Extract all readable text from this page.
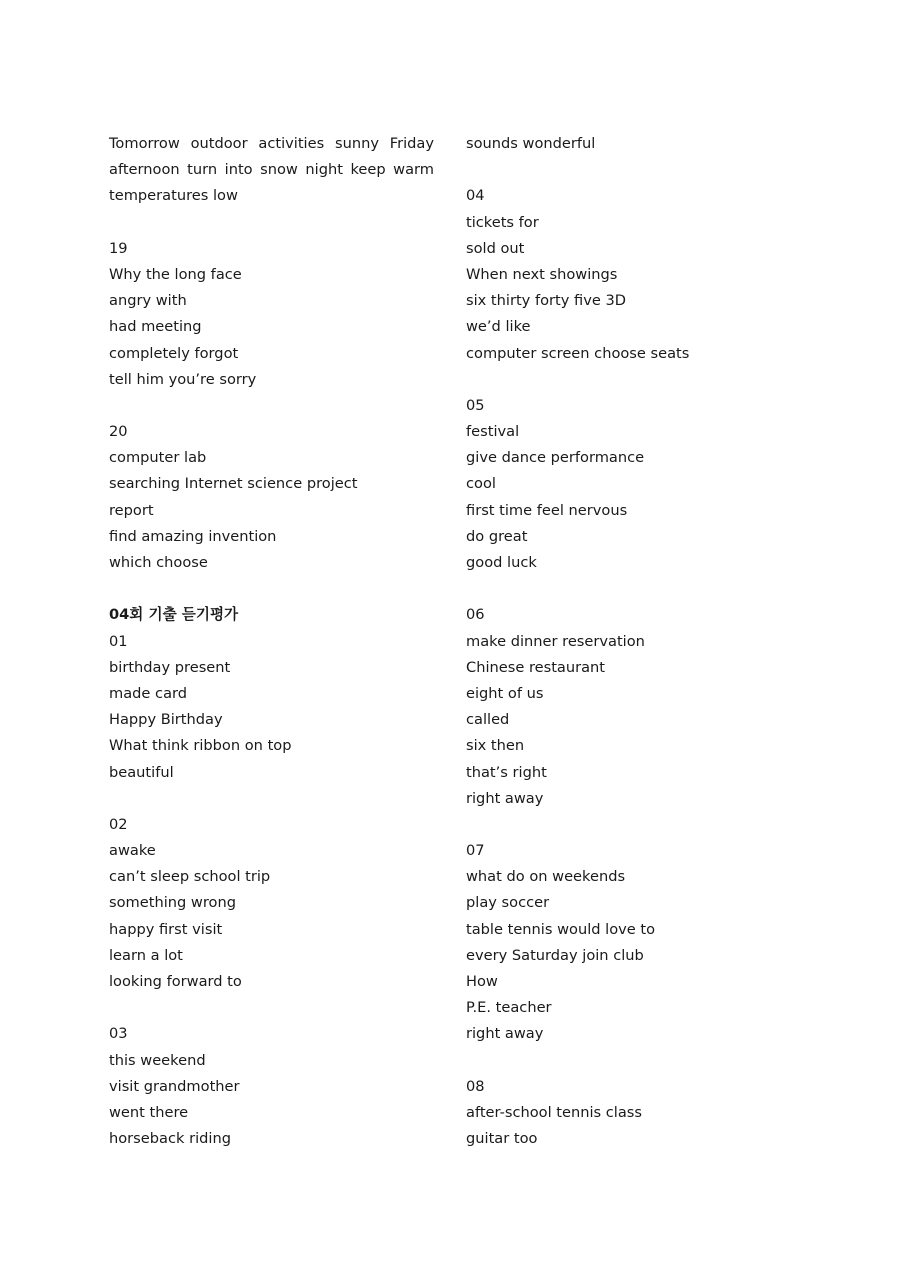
Tomorrow outdoor activities sunny Friday afternoon turn into snow night keep warm temperatures low
19
Why the long face
angry with
had meeting
completely forgot
tell him you’re sorry
20
computer lab
searching Internet science project
report
find amazing invention
which choose
04회 기출 듣기평가
01
birthday present
made card
Happy Birthday
What think ribbon on top
beautiful
02
awake
can’t sleep school trip
something wrong
happy first visit
learn a lot
looking forward to
03
this weekend
visit grandmother
went there
horseback riding
sounds wonderful
04
tickets for
sold out
When next showings
six thirty forty five 3D
we’d like
computer screen choose seats
05
festival
give dance performance
cool
first time feel nervous
do great
good luck
06
make dinner reservation
Chinese restaurant
eight of us
called
six then
that’s right
right away
07
what do on weekends
play soccer
table tennis would love to
every Saturday join club
How
P.E. teacher
right away
08
after-school tennis class
guitar too
